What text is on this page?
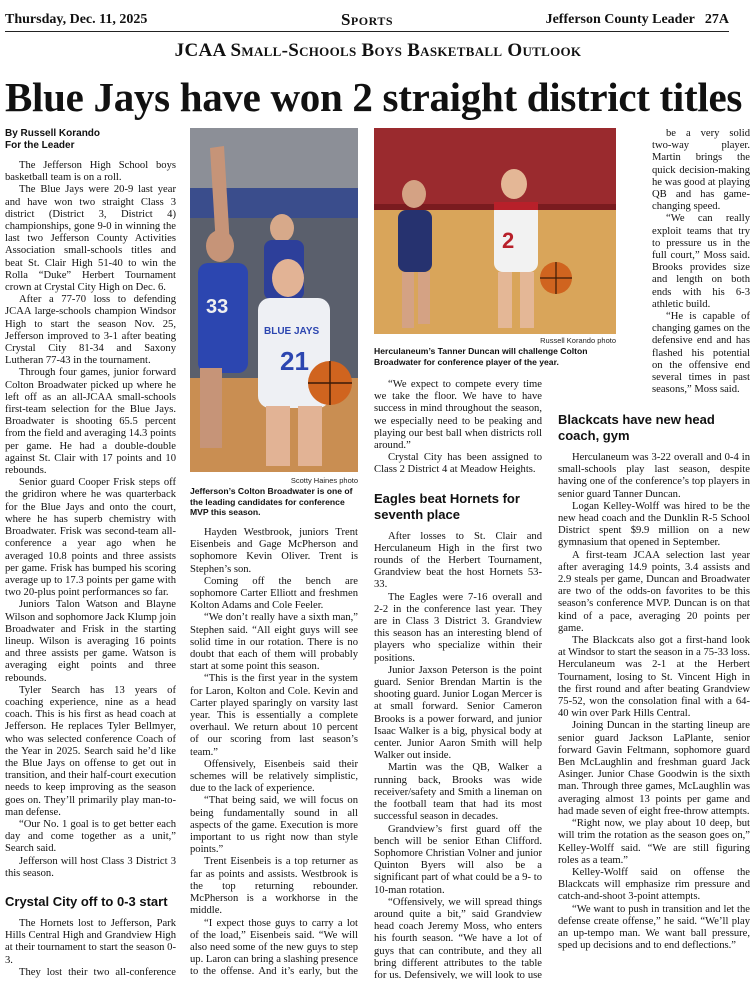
Thursday, Dec. 11, 2025	Sports	Jefferson County Leader 27A
JCAA Small-Schools Boys Basketball Outlook
Blue Jays have won 2 straight district titles
By Russell Korando
For the Leader

The Jefferson High School boys basketball team is on a roll.

The Blue Jays were 20-9 last year and have won two straight Class 3 district (District 3, District 4) championships, gone 9-0 in winning the last two Jefferson County Activities Association small-schools titles and beat St. Clair High 51-40 to win the Rolla “Duke” Herbert Tournament crown at Crystal City High on Dec. 6.

After a 77-70 loss to defending JCAA large-schools champion Windsor High to start the season Nov. 25, Jefferson improved to 3-1 after beating Crystal City 81-34 and Saxony Lutheran 77-43 in the tournament.

Through four games, junior forward Colton Broadwater picked up where he left off as an all-JCAA small-schools first-team selection for the Blue Jays. Broadwater is shooting 65.5 percent from the field and averaging 14.3 points per game. He had a double-double against St. Clair with 17 points and 10 rebounds.

Senior guard Cooper Frisk steps off the gridiron where he was quarterback for the Blue Jays and onto the court, where he has superb chemistry with Broadwater. Frisk was second-team all-conference a year ago when he averaged 10.8 points and three assists per game. Frisk has bumped his scoring average up to 17.3 points per game with two 20-plus point performances so far.

Juniors Talon Watson and Blayne Wilson and sophomore Jack Klump join Broadwater and Frisk in the starting lineup. Wilson is averaging 16 points and three assists per game. Watson is averaging eight points and three rebounds.

Tyler Search has 13 years of coaching experience, nine as a head coach. This is his first as head coach at Jefferson. He replaces Tyler Bellmyer, who was selected conference Coach of the Year in 2025. Search said he’d like the Blue Jays on offense to get out in transition, and their half-court execution needs to keep improving as the season goes on. They’ll primarily play man-to-man defense.

“Our No. 1 goal is to get better each day and come together as a unit,” Search said.

Jefferson will host Class 3 District 3 this season.

Crystal City off to 0-3 start

The Hornets lost to Jefferson, Park Hills Central High and Grandview High at their tournament to start the season 0-3.

They lost their two all-conference

33
BLUE JAYS
21
Scotty Haines photo
Jefferson’s Colton Broadwater is one of the leading candidates for conference MVP this season.

Hayden Westbrook, juniors Trent Eisenbeis and Gage McPherson and sophomore Kevin Oliver. Trent is Stephen’s son.

Coming off the bench are sophomore Carter Elliott and freshmen Kolton Adams and Cole Feeler.

“We don’t really have a sixth man,” Stephen said. “All eight guys will see solid time in our rotation. There is no doubt that each of them will probably start at some point this season.

“This is the first year in the system for Laron, Kolton and Cole. Kevin and Carter played sparingly on varsity last year. This is essentially a complete overhaul. We return about 10 percent of our scoring from last season’s team.”

Offensively, Eisenbeis said their schemes will be relatively simplistic, due to the lack of experience.

“That being said, we will focus on being fundamentally sound in all aspects of the game. Execution is more important to us right now than style points.”

Trent Eisenbeis is a top returner as far as points and assists. Westbrook is the top returning rebounder. McPherson is a workhorse in the middle.

“I expect those guys to carry a lot of the load,” Eisenbeis said. “We will also need some of the new guys to step up. Laron can bring a slashing presence to the offense. And it’s early, but the

2
Russell Korando photo
Herculaneum’s Tanner Duncan will challenge Colton Broadwater for conference player of the year.

“We expect to compete every time we take the floor. We have to have success in mind throughout the season, we especially need to be peaking and playing our best ball when districts roll around.”

Crystal City has been assigned to Class 2 District 4 at Meadow Heights.

Eagles beat Hornets for seventh place

After losses to St. Clair and Herculaneum High in the first two rounds of the Herbert Tournament, Grandview beat the host Hornets 53-33.

The Eagles were 7-16 overall and 2-2 in the conference last year. They are in Class 3 District 3. Grandview this season has an interesting blend of players who specialize within their positions.

Junior Jaxson Peterson is the point guard. Senior Brendan Martin is the shooting guard. Junior Logan Mercer is at small forward. Senior Cameron Brooks is a power forward, and junior Isaac Walker is a big, physical body at center. Junior Aaron Smith will help Walker out inside.

Martin was the QB, Walker a running back, Brooks was wide receiver/safety and Smith a lineman on the football team that had its most successful season in decades.

Grandview’s first guard off the bench will be senior Ethan Clifford. Sophomore Christian Volner and junior Quinton Byers will also be a significant part of what could be a 9- to 10-man rotation.

“Offensively, we will spread things around quite a bit,” said Grandview head coach Jeremy Moss, who enters his fourth season. “We have a lot of guys that can contribute, and they all bring different attributes to the table for us. Defensively, we will look to use

be a very solid two-way player. Martin brings the quick decision-making he was good at playing QB and has game-changing speed.

“We can really exploit teams that try to pressure us in the full court,” Moss said. Brooks provides size and length on both ends with his 6-3 athletic build.

“He is capable of changing games on the defensive end and has flashed his potential on the offensive end several times in past seasons,” Moss said.

Blackcats have new head coach, gym

Herculaneum was 3-22 overall and 0-4 in small-schools play last season, despite having one of the conference’s top players in senior guard Tanner Duncan.

Logan Kelley-Wolff was hired to be the new head coach and the Dunklin R-5 School District spent $9.9 million on a new gymnasium that opened in September.

A first-team JCAA selection last year after averaging 14.9 points, 3.4 assists and 2.9 steals per game, Duncan and Broadwater are two of the odds-on favorites to be this season’s conference MVP. Duncan is on that kind of a pace, averaging 20 points per game.

The Blackcats also got a first-hand look at Windsor to start the season in a 75-33 loss. Herculaneum was 2-1 at the Herbert Tournament, losing to St. Vincent High in the first round and after beating Grandview 75-52, won the consolation final with a 64-40 win over Park Hills Central.

Joining Duncan in the starting lineup are senior guard Jackson LaPlante, senior forward Gavin Feltmann, sophomore guard Ben McLaughlin and freshman guard Jack Asinger. Junior Chase Goodwin is the sixth man. Through three games, McLaughlin was averaging almost 13 points per game and had made seven of eight free-throw attempts.

“Right now, we play about 10 deep, but will trim the rotation as the season goes on,” Kelley-Wolff said. “We are still figuring roles as a team.”

Kelley-Wolff said on offense the Blackcats will emphasize rim pressure and catch-and-shoot 3-point attempts.

“We want to push in transition and let the defense create offense,” he said. “We’ll play an up-tempo man. We want ball pressure, sped up decisions and to end deflections.”
